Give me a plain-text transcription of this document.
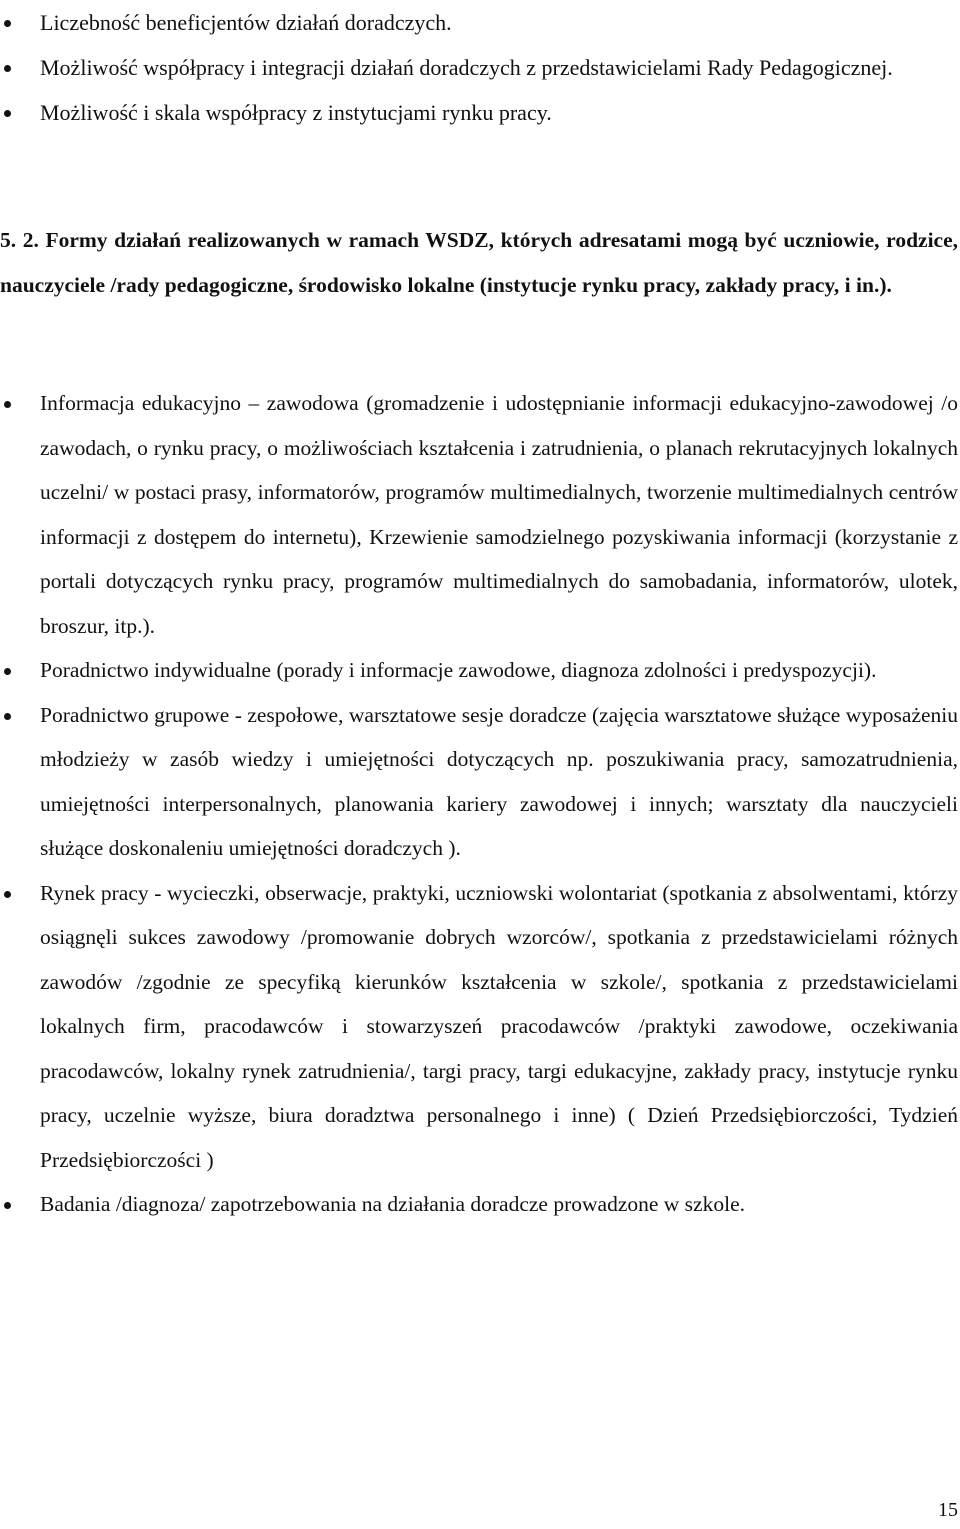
Liczebność beneficjentów działań doradczych.
Możliwość współpracy i integracji działań doradczych z przedstawicielami Rady Pedagogicznej.
Możliwość i skala współpracy z instytucjami rynku pracy.
5. 2. Formy działań realizowanych w ramach WSDZ, których adresatami mogą być uczniowie, rodzice, nauczyciele /rady pedagogiczne, środowisko lokalne (instytucje rynku pracy, zakłady pracy, i in.).
Informacja edukacyjno – zawodowa (gromadzenie i udostępnianie informacji edukacyjno-zawodowej /o zawodach, o rynku pracy, o możliwościach kształcenia i zatrudnienia, o planach rekrutacyjnych lokalnych uczelni/ w postaci prasy, informatorów, programów multimedialnych, tworzenie multimedialnych centrów informacji z dostępem do internetu), Krzewienie samodzielnego pozyskiwania informacji (korzystanie z portali dotyczących rynku pracy, programów multimedialnych do samobadania, informatorów, ulotek, broszur, itp.).
Poradnictwo indywidualne (porady i informacje zawodowe, diagnoza zdolności i predyspozycji).
Poradnictwo grupowe - zespołowe, warsztatowe sesje doradcze (zajęcia warsztatowe służące wyposażeniu młodzieży w zasób wiedzy i umiejętności dotyczących np. poszukiwania pracy, samozatrudnienia, umiejętności interpersonalnych, planowania kariery zawodowej i innych; warsztaty dla nauczycieli służące doskonaleniu umiejętności doradczych ).
Rynek pracy - wycieczki, obserwacje, praktyki, uczniowski wolontariat (spotkania z absolwentami, którzy osiągnęli sukces zawodowy /promowanie dobrych wzorców/, spotkania z przedstawicielami różnych zawodów /zgodnie ze specyfiką kierunków kształcenia w szkole/, spotkania z przedstawicielami lokalnych firm, pracodawców i stowarzyszeń pracodawców /praktyki zawodowe, oczekiwania pracodawców, lokalny rynek zatrudnienia/, targi pracy, targi edukacyjne, zakłady pracy, instytucje rynku pracy, uczelnie wyższe, biura doradztwa personalnego i inne) ( Dzień Przedsiębiorczości, Tydzień Przedsiębiorczości )
Badania /diagnoza/ zapotrzebowania na działania doradcze prowadzone w szkole.
15
